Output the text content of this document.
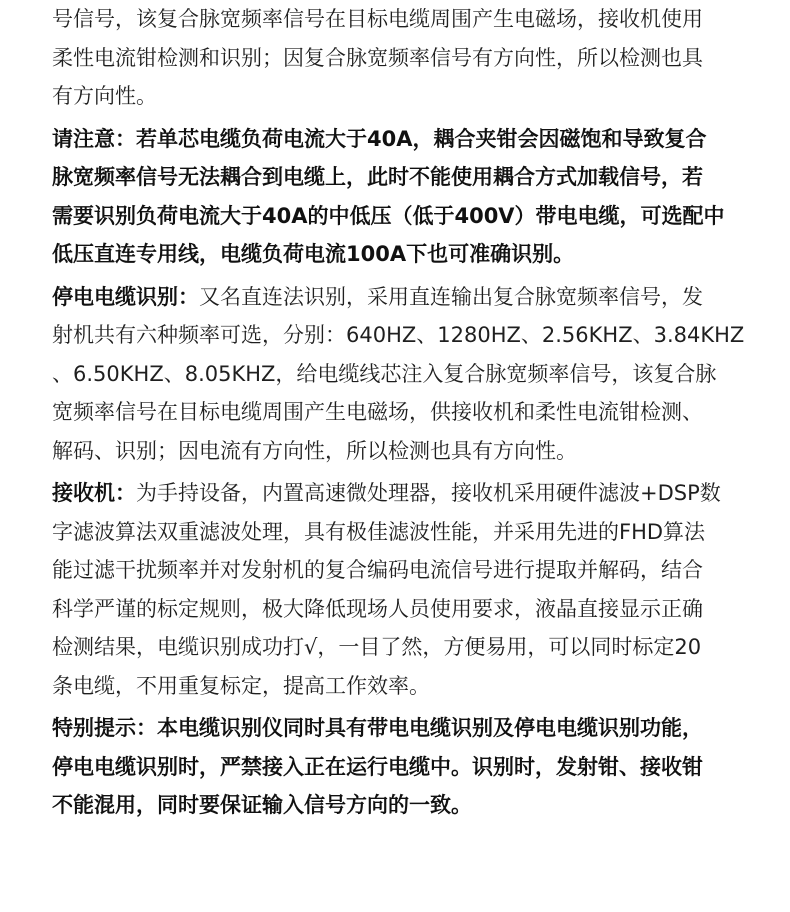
号信号，该复合脉宽频率信号在目标电缆周围产生电磁场，接收机使用
柔性电流钳检测和识别；因复合脉宽频率信号有方向性，所以检测也具
有方向性。
请注意：若单芯电缆负荷电流大于40A，耦合夹钳会因磁饱和导致复合
脉宽频率信号无法耦合到电缆上，此时不能使用耦合方式加载信号，若
需要识别负荷电流大于40A的中低压（低于400V）带电电缆，可选配中
低压直连专用线，电缆负荷电流100A下也可准确识别。
停电电缆识别：又名直连法识别，采用直连输出复合脉宽频率信号，发
射机共有六种频率可选，分别：640HZ、1280HZ、2.56KHZ、3.84KHZ
、6.50KHZ、8.05KHZ，给电缆线芯注入复合脉宽频率信号，该复合脉
宽频率信号在目标电缆周围产生电磁场，供接收机和柔性电流钳检测、
解码、识别；因电流有方向性，所以检测也具有方向性。
接收机：为手持设备，内置高速微处理器，接收机采用硬件滤波+DSP数
字滤波算法双重滤波处理，具有极佳滤波性能，并采用先进的FHD算法
能过滤干扰频率并对发射机的复合编码电流信号进行提取并解码，结合
科学严谨的标定规则，极大降低现场人员使用要求，液晶直接显示正确
检测结果，电缆识别成功打√，一目了然，方便易用，可以同时标定20
条电缆，不用重复标定，提高工作效率。
特别提示：本电缆识别仪同时具有带电电缆识别及停电电缆识别功能，
停电电缆识别时，严禁接入正在运行电缆中。识别时，发射钳、接收钳
不能混用，同时要保证输入信号方向的一致。
